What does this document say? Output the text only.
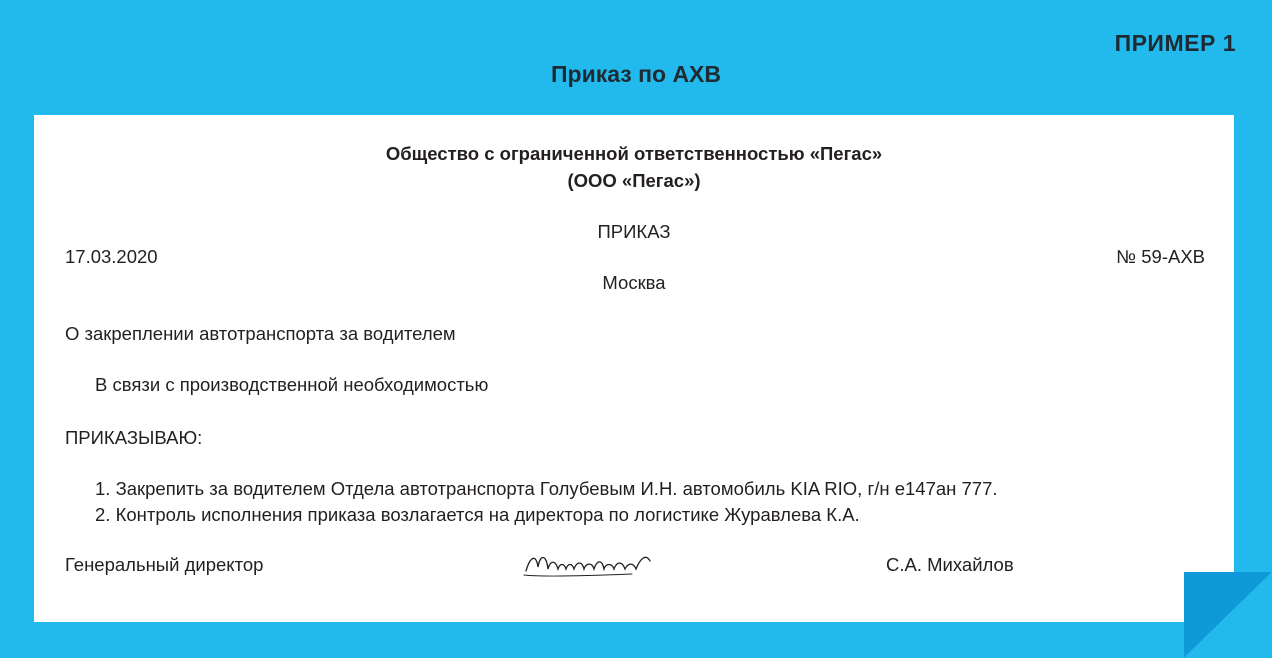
ПРИМЕР 1
Приказ по АХВ
Общество с ограниченной ответственностью «Пегас»
(ООО «Пегас»)
ПРИКАЗ
17.03.2020	№ 59-АХВ
Москва
О закреплении автотранспорта за водителем
В связи с производственной необходимостью
ПРИКАЗЫВАЮ:
1. Закрепить за водителем Отдела автотранспорта Голубевым И.Н. автомобиль KIA RIO, г/н е147ан 777.
2. Контроль исполнения приказа возлагается на директора по логистике Журавлева К.А.
Генеральный директор	С.А. Михайлов
